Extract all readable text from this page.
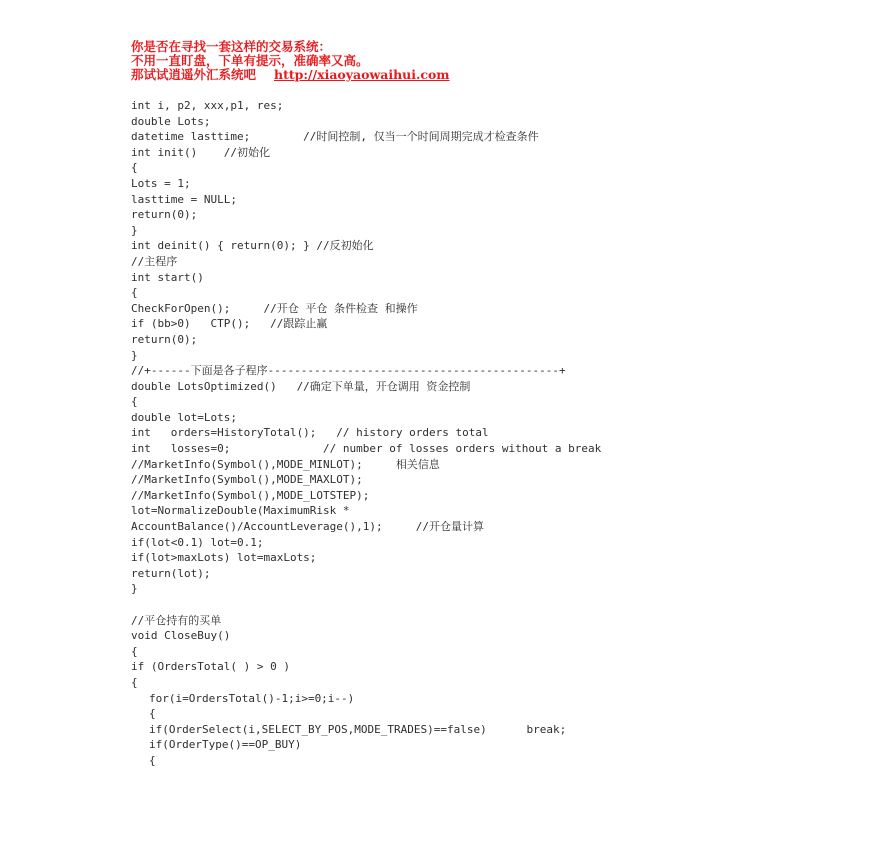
你是否在寻找一套这样的交易系统：
不用一直盯盘，下单有提示，准确率又高。
那试试逍遥外汇系统吧 http://xiaoyaowaihui.com
int i, p2, xxx,p1, res;
double Lots;
datetime lasttime;        //时间控制, 仅当一个时间周期完成才检查条件
int init()    //初始化
{
Lots = 1;
lasttime = NULL;
return(0);
}
int deinit() { return(0); } //反初始化
//主程序
int start()
{
CheckForOpen();     //开仓 平仓 条件检查 和操作
if (bb>0)   CTP();   //跟踪止赢
return(0);
}
//+------下面是各子程序--------------------------------------------+
double LotsOptimized()   //确定下单量，开仓调用 资金控制
{
double lot=Lots;
int   orders=HistoryTotal();   // history orders total
int   losses=0;              // number of losses orders without a break
//MarketInfo(Symbol(),MODE_MINLOT);     相关信息
//MarketInfo(Symbol(),MODE_MAXLOT);
//MarketInfo(Symbol(),MODE_LOTSTEP);
lot=NormalizeDouble(MaximumRisk *
AccountBalance()/AccountLeverage(),1);     //开仓量计算
if(lot<0.1) lot=0.1;
if(lot>maxLots) lot=maxLots;
return(lot);
}
//平仓持有的买单
void CloseBuy()
{
if (OrdersTotal( ) > 0 )
{
for(i=OrdersTotal()-1;i>=0;i--)
{
if(OrderSelect(i,SELECT_BY_POS,MODE_TRADES)==false)      break;
if(OrderType()==OP_BUY)
{
